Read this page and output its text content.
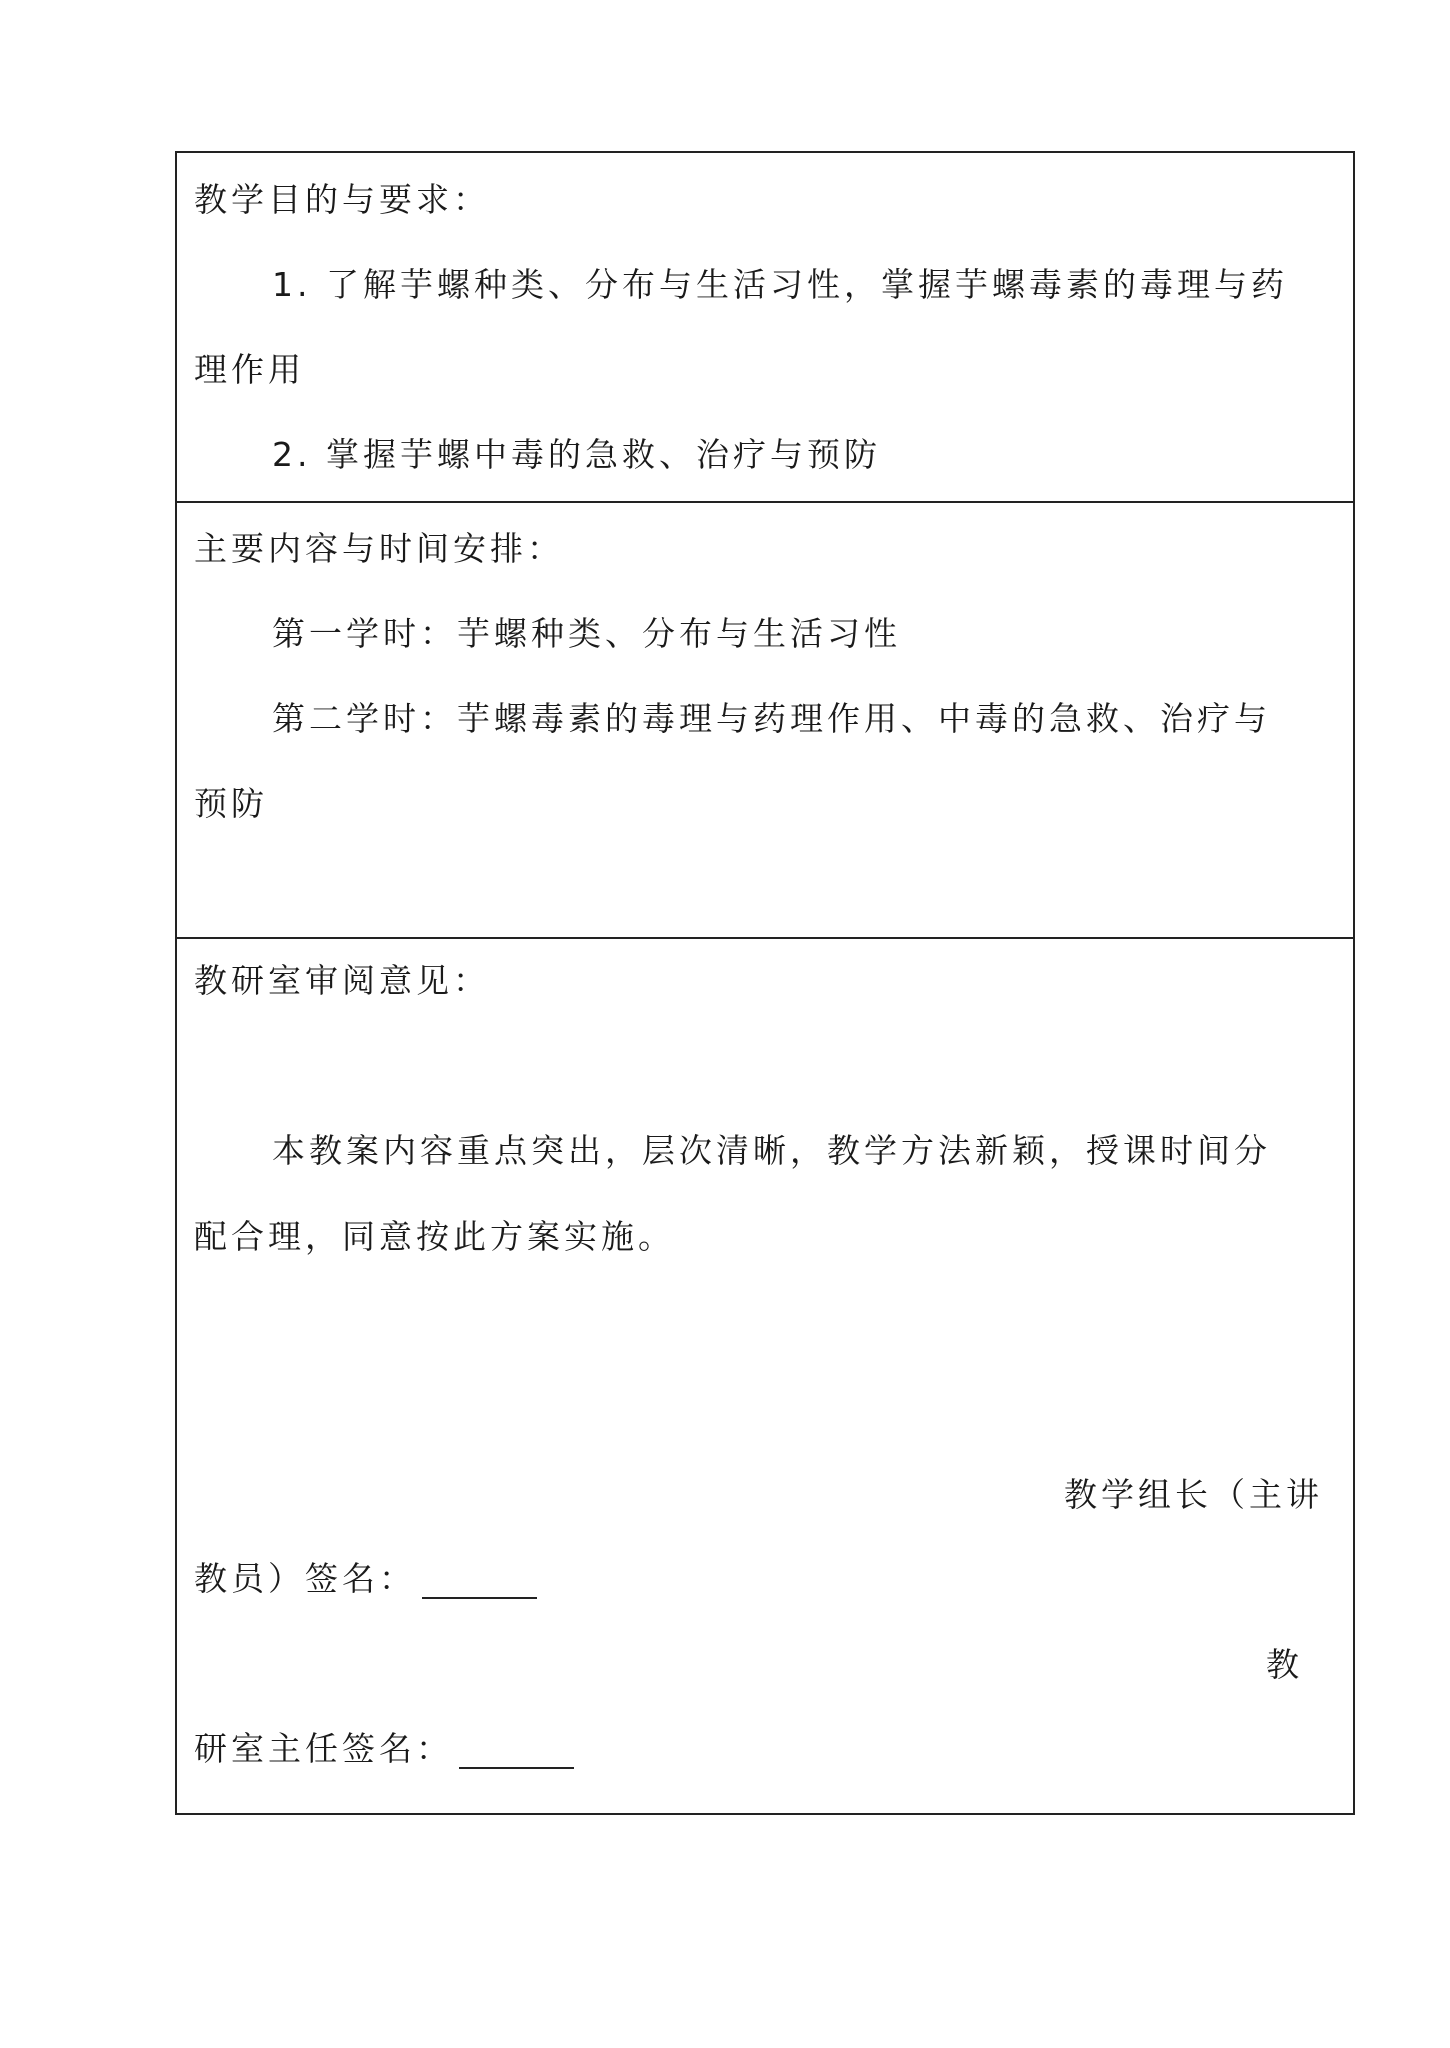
教学目的与要求：
1. 了解芋螺种类、分布与生活习性，掌握芋螺毒素的毒理与药
理作用
2. 掌握芋螺中毒的急救、治疗与预防
主要内容与时间安排：
第一学时：芋螺种类、分布与生活习性
第二学时：芋螺毒素的毒理与药理作用、中毒的急救、治疗与
预防
教研室审阅意见：
本教案内容重点突出，层次清晰，教学方法新颖，授课时间分
配合理，同意按此方案实施。
教学组长（主讲
教员）签名：
教
研室主任签名：
